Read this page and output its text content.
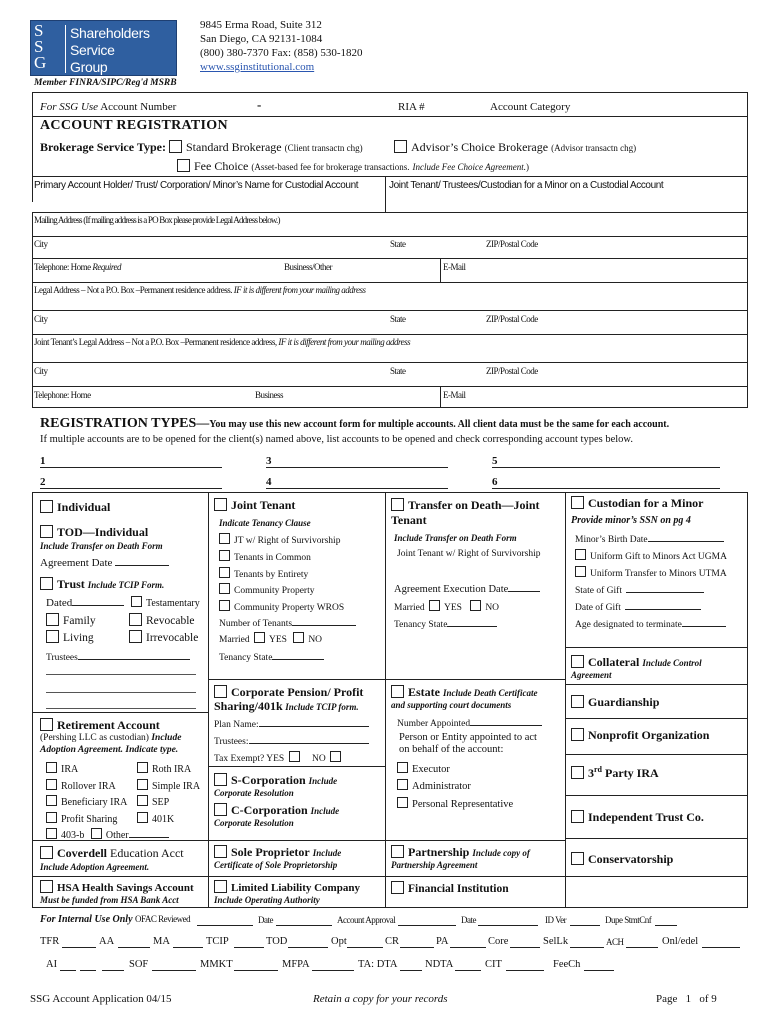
S
S
G
Shareholders
Service
Group
9845 Erma Road, Suite 312
San Diego, CA 92131-1084
(800) 380-7370 Fax: (858) 530-1820
www.ssginstitutional.com
Member FINRA/SIPC/Reg'd MSRB
For SSG Use Account Number	-	RIA #	Account Category
ACCOUNT REGISTRATION
Brokerage Service Type: Standard Brokerage (Client transactn chg)	Advisor’s Choice Brokerage (Advisor transactn chg)
Fee Choice (Asset-based fee for brokerage transactions. Include Fee Choice Agreement.)
Primary Account Holder/ Trust/ Corporation/ Minor’s Name for Custodial Account	Joint Tenant/ Trustees/Custodian for a Minor on a Custodial Account
Mailing Address (If mailing address is a PO Box please provide Legal Address below.)
City	State	ZIP/Postal Code
Telephone: Home Required	Business/Other	E-Mail
Legal Address – Not a P.O. Box –Permanent residence address. IF it is different from your mailing address
City	State	ZIP/Postal Code
Joint Tenant’s Legal Address – Not a P.O. Box –Permanent residence address, IF it is different from your mailing address
City	State	ZIP/Postal Code
Telephone: Home	Business	E-Mail
REGISTRATION TYPES—You may use this new account form for multiple accounts. All client data must be the same for each account.
If multiple accounts are to be opened for the client(s) named above, list accounts to be opened and check corresponding account types below.
1	3	5
2	4	6
Individual
TOD—Individual
Include Transfer on Death Form
Agreement Date
Trust Include TCIP Form.
Dated	Testamentary
Family	Revocable
Living	Irrevocable
Trustees
Retirement Account
(Pershing LLC as custodian) Include
Adoption Agreement. Indicate type.
IRA	Roth IRA
Rollover IRA	Simple IRA
Beneficiary IRA	SEP
Profit Sharing	401K
403-b Other
Coverdell Education Acct
Include Adoption Agreement.
HSA Health Savings Account
Must be funded from HSA Bank Acct
Joint Tenant
Indicate Tenancy Clause
JT w/ Right of Survivorship
Tenants in Common
Tenants by Entirety
Community Property
Community Property WROS
Number of Tenants
Married YES NO
Tenancy State
Corporate Pension/ Profit
Sharing/401k Include TCIP form.
Plan Name:
Trustees:
Tax Exempt? YES	NO
S-Corporation Include
Corporate Resolution
C-Corporation Include
Corporate Resolution
Sole Proprietor Include
Certificate of Sole Proprietorship
Limited Liability Company
Include Operating Authority
Transfer on Death—Joint
Tenant
Include Transfer on Death Form
Joint Tenant w/ Right of Survivorship
Agreement Execution Date
Married YES NO
Tenancy State
Estate Include Death Certificate
and supporting court documents
Number Appointed
Person or Entity appointed to act
on behalf of the account:
Executor
Administrator
Personal Representative
Partnership Include copy of
Partnership Agreement
Financial Institution
Custodian for a Minor
Provide minor’s SSN on pg 4
Minor’s Birth Date
Uniform Gift to Minors Act UGMA
Uniform Transfer to Minors UTMA
State of Gift
Date of Gift
Age designated to terminate
Collateral Include Control
Agreement
Guardianship
Nonprofit Organization
3rd Party IRA
Independent Trust Co.
Conservatorship
For Internal Use Only OFAC Reviewed	Date	Account Approval	Date	ID Ver	Dupe StmtCnf
TFR	AA	MA	TCIP	TOD	Opt	CR	PA	Core	SelLk	ACH	Onl/edel
AI	SOF	MMKT	MFPA	TA: DTA	NDTA	CIT	FeeCh
SSG Account Application 04/15	Retain a copy for your records	Page   1   of 9
